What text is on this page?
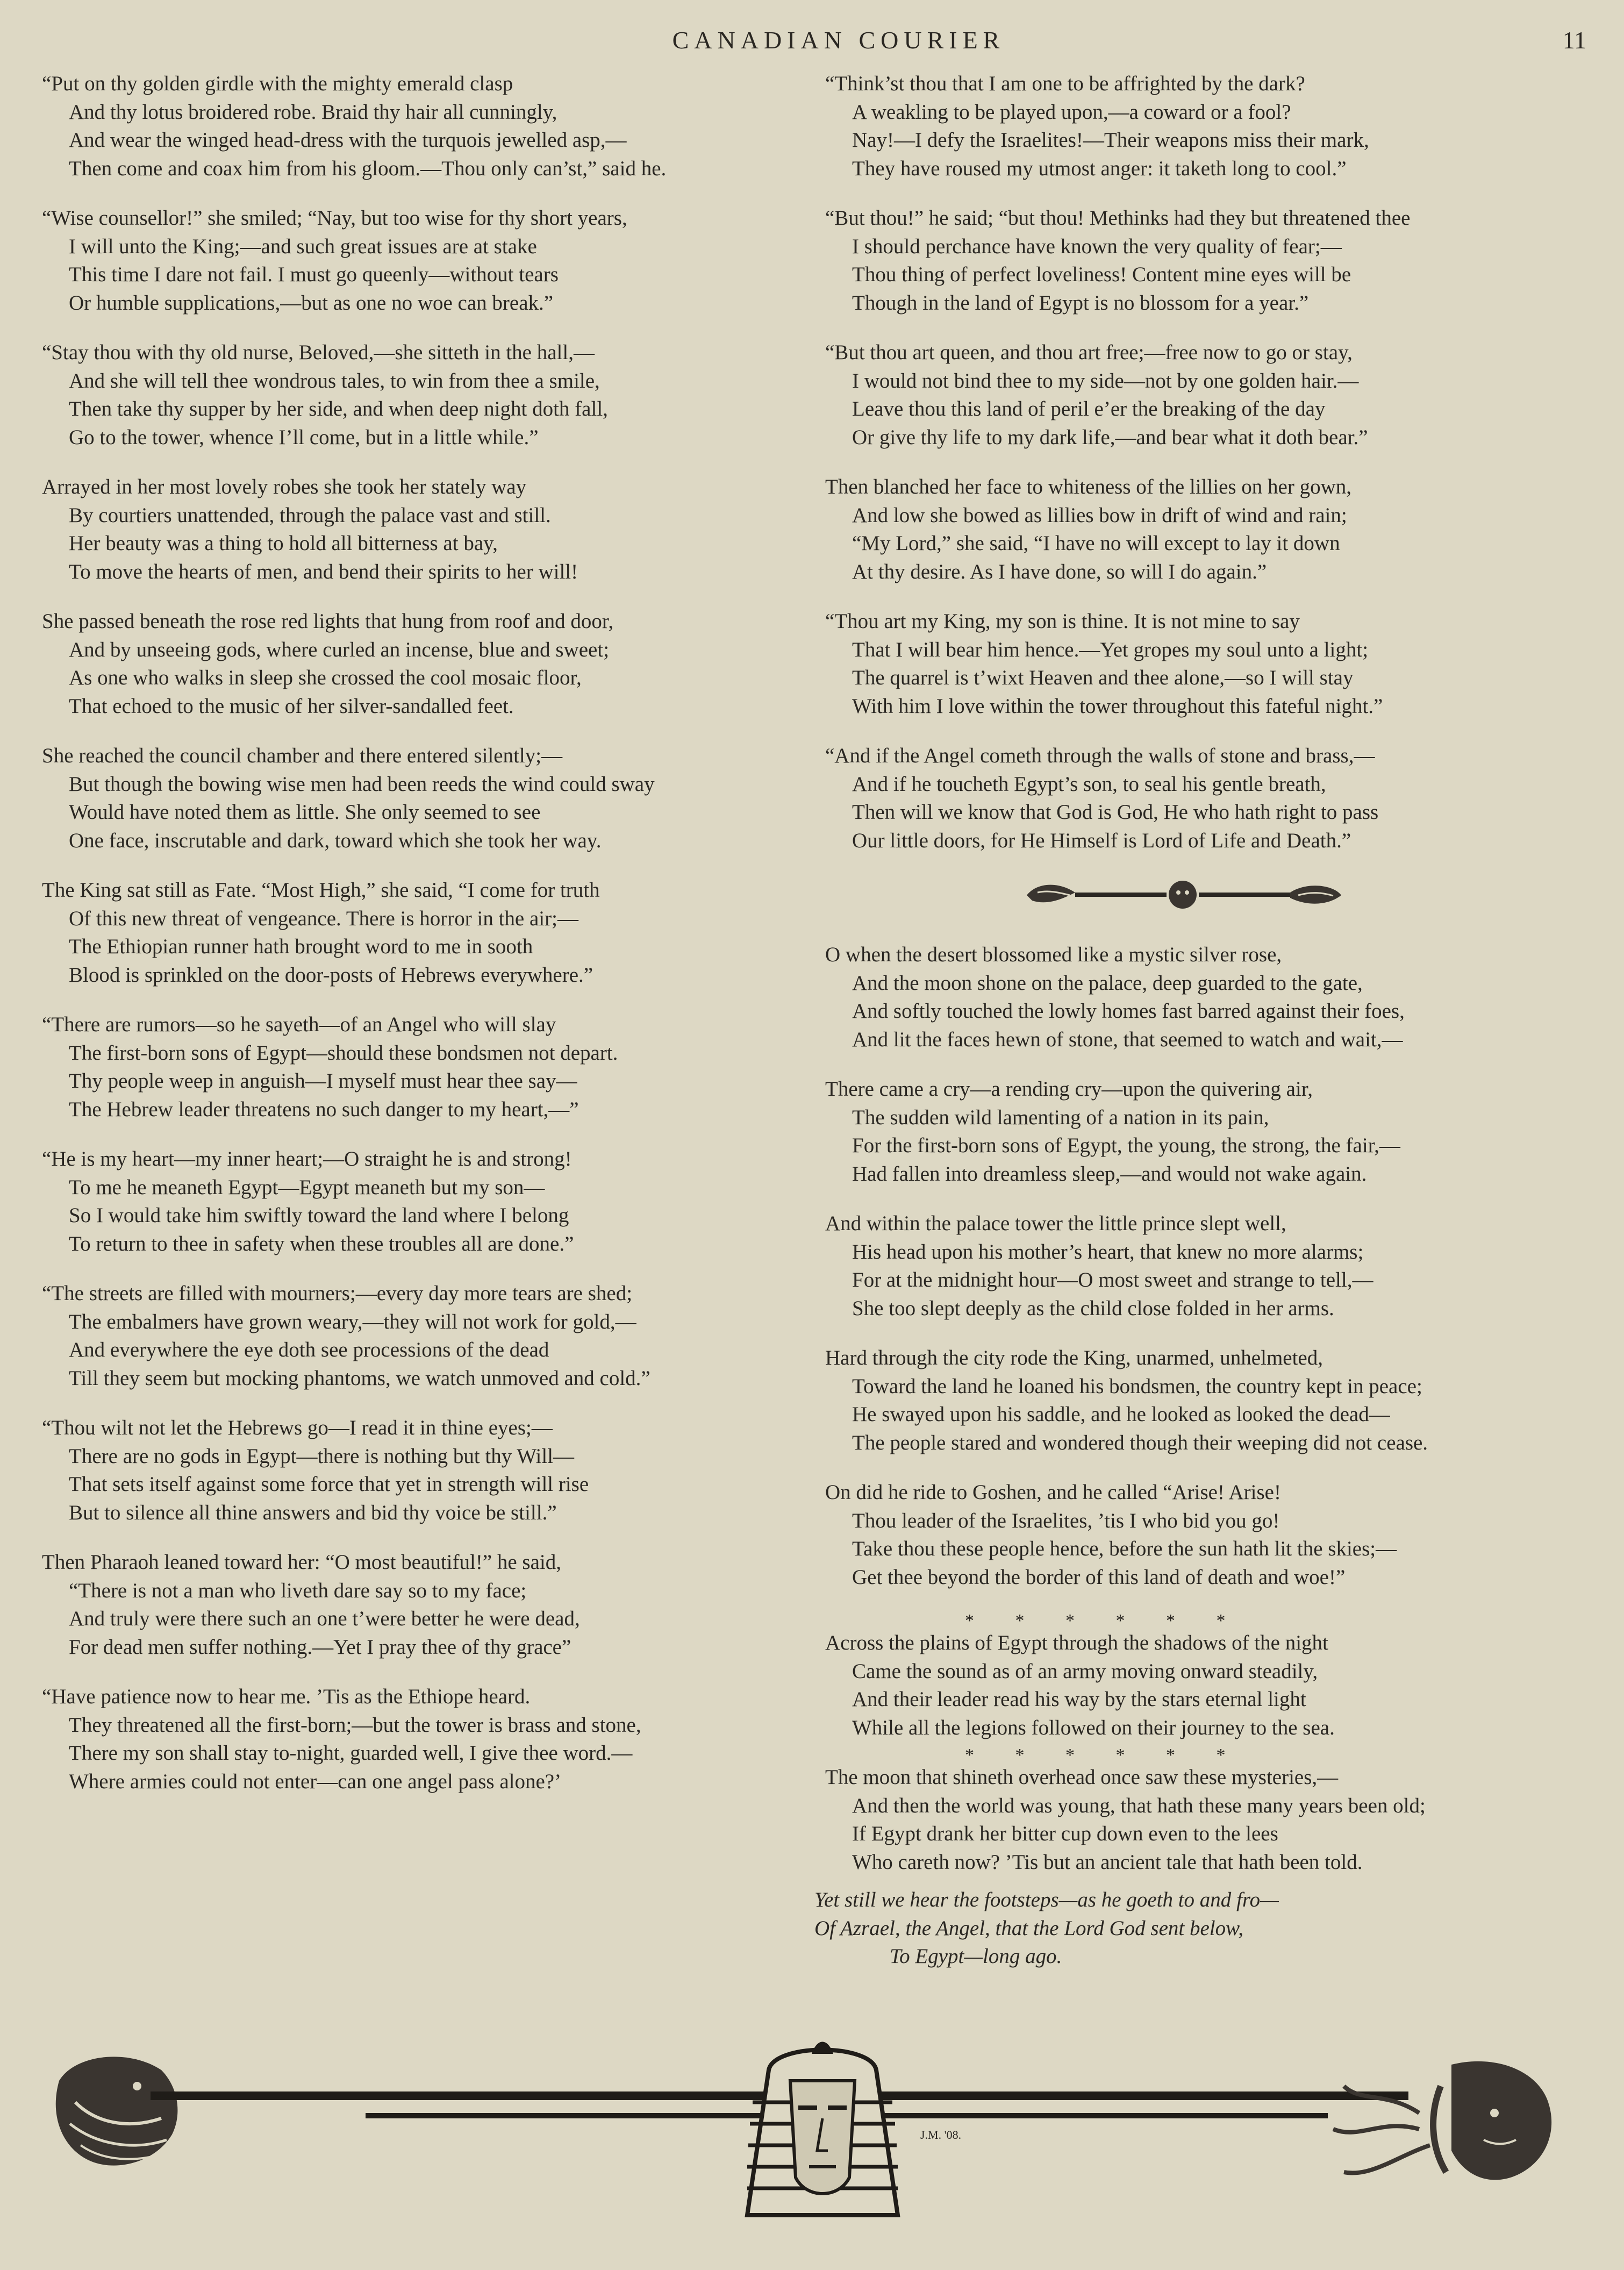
CANADIAN COURIER	11
“Put on thy golden girdle with the mighty emerald clasp
And thy lotus broidered robe. Braid thy hair all cunningly,
And wear the winged head-dress with the turquois jewelled asp,—
Then come and coax him from his gloom.—Thou only can’st,” said he.
“Wise counsellor!” she smiled; “Nay, but too wise for thy short years,
I will unto the King;—and such great issues are at stake
This time I dare not fail. I must go queenly—without tears
Or humble supplications,—but as one no woe can break.”
“Stay thou with thy old nurse, Beloved,—she sitteth in the hall,—
And she will tell thee wondrous tales, to win from thee a smile,
Then take thy supper by her side, and when deep night doth fall,
Go to the tower, whence I’ll come, but in a little while.”
Arrayed in her most lovely robes she took her stately way
By courtiers unattended, through the palace vast and still.
Her beauty was a thing to hold all bitterness at bay,
To move the hearts of men, and bend their spirits to her will!
She passed beneath the rose red lights that hung from roof and door,
And by unseeing gods, where curled an incense, blue and sweet;
As one who walks in sleep she crossed the cool mosaic floor,
That echoed to the music of her silver-sandalled feet.
She reached the council chamber and there entered silently;—
But though the bowing wise men had been reeds the wind could sway
Would have noted them as little. She only seemed to see
One face, inscrutable and dark, toward which she took her way.
The King sat still as Fate. “Most High,” she said, “I come for truth
Of this new threat of vengeance. There is horror in the air;—
The Ethiopian runner hath brought word to me in sooth
Blood is sprinkled on the door-posts of Hebrews everywhere.”
“There are rumors—so he sayeth—of an Angel who will slay
The first-born sons of Egypt—should these bondsmen not depart.
Thy people weep in anguish—I myself must hear thee say—
The Hebrew leader threatens no such danger to my heart,—”
“He is my heart—my inner heart;—O straight he is and strong!
To me he meaneth Egypt—Egypt meaneth but my son—
So I would take him swiftly toward the land where I belong
To return to thee in safety when these troubles all are done.”
“The streets are filled with mourners;—every day more tears are shed;
The embalmers have grown weary,—they will not work for gold,—
And everywhere the eye doth see processions of the dead
Till they seem but mocking phantoms, we watch unmoved and cold.”
“Thou wilt not let the Hebrews go—I read it in thine eyes;—
There are no gods in Egypt—there is nothing but thy Will—
That sets itself against some force that yet in strength will rise
But to silence all thine answers and bid thy voice be still.”
Then Pharaoh leaned toward her: “O most beautiful!” he said,
“There is not a man who liveth dare say so to my face;
And truly were there such an one t’were better he were dead,
For dead men suffer nothing.—Yet I pray thee of thy grace”
“Have patience now to hear me. ’Tis as the Ethiope heard.
They threatened all the first-born;—but the tower is brass and stone,
There my son shall stay to-night, guarded well, I give thee word.—
Where armies could not enter—can one angel pass alone?’
“Think’st thou that I am one to be affrighted by the dark?
A weakling to be played upon,—a coward or a fool?
Nay!—I defy the Israelites!—Their weapons miss their mark,
They have roused my utmost anger: it taketh long to cool.”
“But thou!” he said; “but thou! Methinks had they but threatened thee
I should perchance have known the very quality of fear;—
Thou thing of perfect loveliness! Content mine eyes will be
Though in the land of Egypt is no blossom for a year.”
“But thou art queen, and thou art free;—free now to go or stay,
I would not bind thee to my side—not by one golden hair.—
Leave thou this land of peril e’er the breaking of the day
Or give thy life to my dark life,—and bear what it doth bear.”
Then blanched her face to whiteness of the lillies on her gown,
And low she bowed as lillies bow in drift of wind and rain;
“My Lord,” she said, “I have no will except to lay it down
At thy desire. As I have done, so will I do again.”
“Thou art my King, my son is thine. It is not mine to say
That I will bear him hence.—Yet gropes my soul unto a light;
The quarrel is t’wixt Heaven and thee alone,—so I will stay
With him I love within the tower throughout this fateful night.”
“And if the Angel cometh through the walls of stone and brass,—
And if he toucheth Egypt’s son, to seal his gentle breath,
Then will we know that God is God, He who hath right to pass
Our little doors, for He Himself is Lord of Life and Death.”
O when the desert blossomed like a mystic silver rose,
And the moon shone on the palace, deep guarded to the gate,
And softly touched the lowly homes fast barred against their foes,
And lit the faces hewn of stone, that seemed to watch and wait,—
There came a cry—a rending cry—upon the quivering air,
The sudden wild lamenting of a nation in its pain,
For the first-born sons of Egypt, the young, the strong, the fair,—
Had fallen into dreamless sleep,—and would not wake again.
And within the palace tower the little prince slept well,
His head upon his mother’s heart, that knew no more alarms;
For at the midnight hour—O most sweet and strange to tell,—
She too slept deeply as the child close folded in her arms.
Hard through the city rode the King, unarmed, unhelmeted,
Toward the land he loaned his bondsmen, the country kept in peace;
He swayed upon his saddle, and he looked as looked the dead—
The people stared and wondered though their weeping did not cease.
On did he ride to Goshen, and he called “Arise! Arise!
Thou leader of the Israelites, ’tis I who bid you go!
Take thou these people hence, before the sun hath lit the skies;—
Get thee beyond the border of this land of death and woe!”
* * * * * *
Across the plains of Egypt through the shadows of the night
Came the sound as of an army moving onward steadily,
And their leader read his way by the stars eternal light
While all the legions followed on their journey to the sea.
* * * * * *
The moon that shineth overhead once saw these mysteries,—
And then the world was young, that hath these many years been old;
If Egypt drank her bitter cup down even to the lees
Who careth now? ’Tis but an ancient tale that hath been told.
Yet still we hear the footsteps—as he goeth to and fro—
Of Azrael, the Angel, that the Lord God sent below,
To Egypt—long ago.
J.M. '08.
